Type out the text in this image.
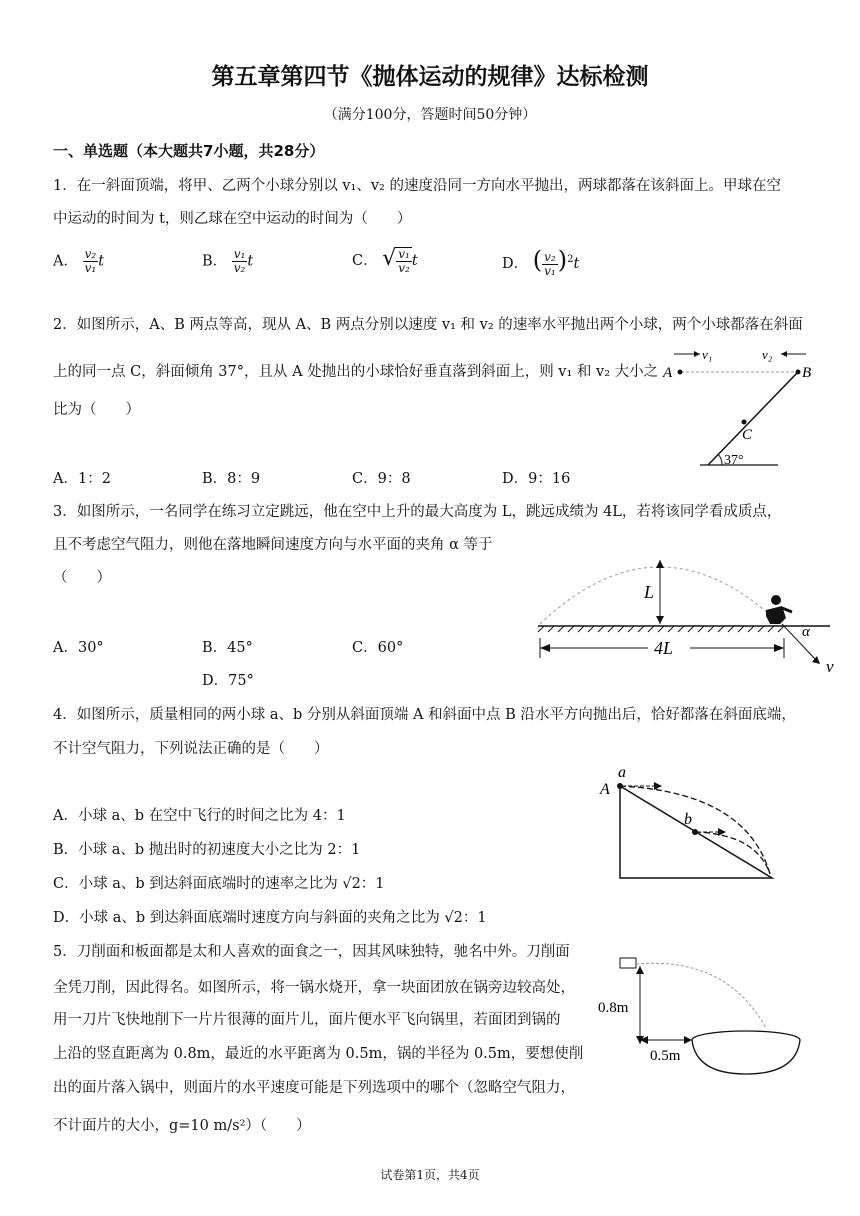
第五章第四节《抛体运动的规律》达标检测
（满分100分，答题时间50分钟）
一、单选题（本大题共7小题，共28分）
1．在一斜面顶端，将甲、乙两个小球分别以 v₁、v₂ 的速度沿同一方向水平抛出，两球都落在该斜面上。甲球在空
中运动的时间为 t，则乙球在空中运动的时间为（　　）
A． $\frac{\text{v₂}}{\text{v₁}}$ t	B． $\frac{\text{v₁}}{\text{v₂}}$ t	C． √ $\frac{\text{v₁}}{\text{v₂}}$ t	D． ( $\frac{\text{v₂}}{\text{v₁}} )^2t$
2．如图所示，A、B 两点等高，现从 A、B 两点分别以速度 v₁ 和 v₂ 的速率水平抛出两个小球，两个小球都落在斜面
上的同一点 C，斜面倾角 37°，且从 A 处抛出的小球恰好垂直落到斜面上，则 v₁ 和 v₂ 大小之
比为（　　）
A	B
C
v₁	v₂
37°
A．1：2	B．8：9	C．9：8	D．9：16
3．如图所示，一名同学在练习立定跳远，他在空中上升的最大高度为 L，跳远成绩为 4L，若将该同学看成质点，
且不考虑空气阻力，则他在落地瞬间速度方向与水平面的夹角 α 等于
（　　）
L
4L
α
v
A．30°	B．45°	C．60°
D．75°
4．如图所示，质量相同的两小球 a、b 分别从斜面顶端 A 和斜面中点 B 沿水平方向抛出后，恰好都落在斜面底端，
不计空气阻力，下列说法正确的是（　　）
a
A
b
A．小球 a、b 在空中飞行的时间之比为 4：1
B．小球 a、b 抛出时的初速度大小之比为 2：1
C．小球 a、b 到达斜面底端时的速率之比为 √2：1
D．小球 a、b 到达斜面底端时速度方向与斜面的夹角之比为 √2：1
5．刀削面和板面都是太和人喜欢的面食之一，因其风味独特，驰名中外。刀削面
全凭刀削，因此得名。如图所示，将一锅水烧开，拿一块面团放在锅旁边较高处，
用一刀片飞快地削下一片片很薄的面片儿，面片便水平飞向锅里，若面团到锅的
上沿的竖直距离为 0.8m，最近的水平距离为 0.5m，锅的半径为 0.5m，要想使削
出的面片落入锅中，则面片的水平速度可能是下列选项中的哪个（忽略空气阻力，
不计面片的大小，g=10 m/s²）（　　）
0.8m
0.5m
试卷第1页，共4页
